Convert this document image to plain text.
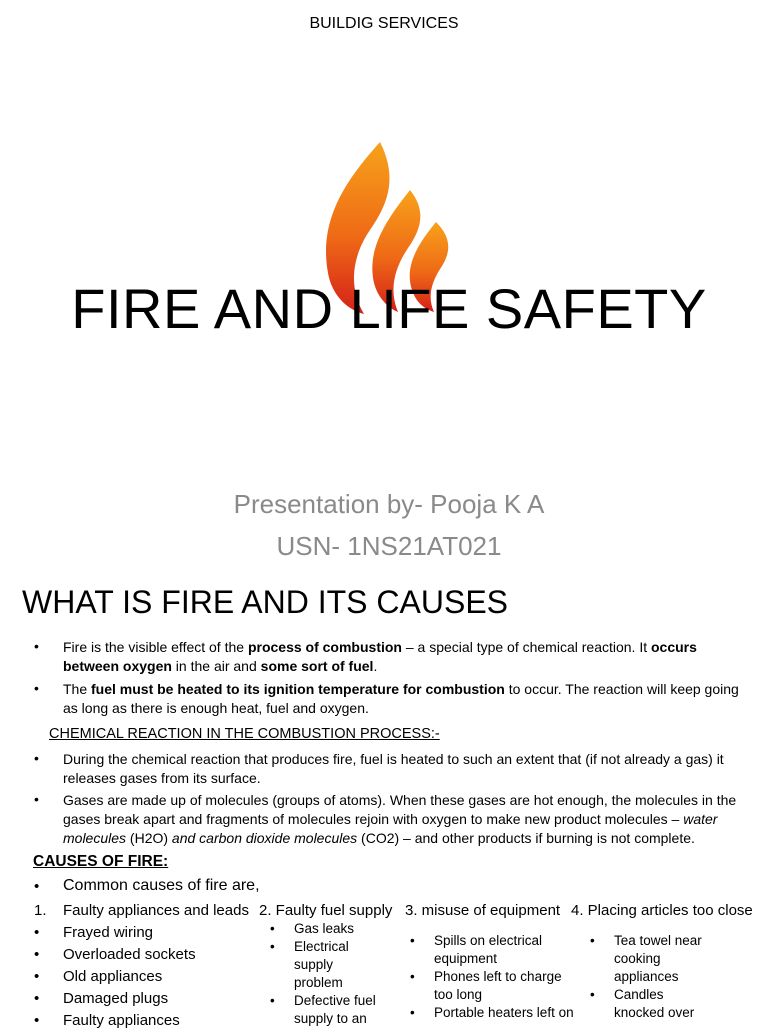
BUILDIG SERVICES
FIRE AND LIFE SAFETY
Presentation by- Pooja K A
USN- 1NS21AT021
WHAT IS FIRE AND ITS CAUSES
• Fire is the visible effect of the process of combustion – a special type of chemical reaction. It occurs
between oxygen in the air and some sort of fuel.
• The fuel must be heated to its ignition temperature for combustion to occur. The reaction will keep going
as long as there is enough heat, fuel and oxygen.
CHEMICAL REACTION IN THE COMBUSTION PROCESS:-
• During the chemical reaction that produces fire, fuel is heated to such an extent that (if not already a gas) it
releases gases from its surface.
• Gases are made up of molecules (groups of atoms). When these gases are hot enough, the molecules in the
gases break apart and fragments of molecules rejoin with oxygen to make new product molecules – water
molecules (H2O) and carbon dioxide molecules (CO2) – and other products if burning is not complete.
CAUSES OF FIRE:
• Common causes of fire are,
1. Faulty appliances and leads
• Frayed wiring
• Overloaded sockets
• Old appliances
• Damaged plugs
• Faulty appliances
2. Faulty fuel supply
• Gas leaks
• Electrical
supply
problem
• Defective fuel
supply to an
3. misuse of equipment
• Spills on electrical
equipment
• Phones left to charge
too long
• Portable heaters left on
4. Placing articles too close
• Tea towel near
cooking
appliances
• Candles
knocked over
